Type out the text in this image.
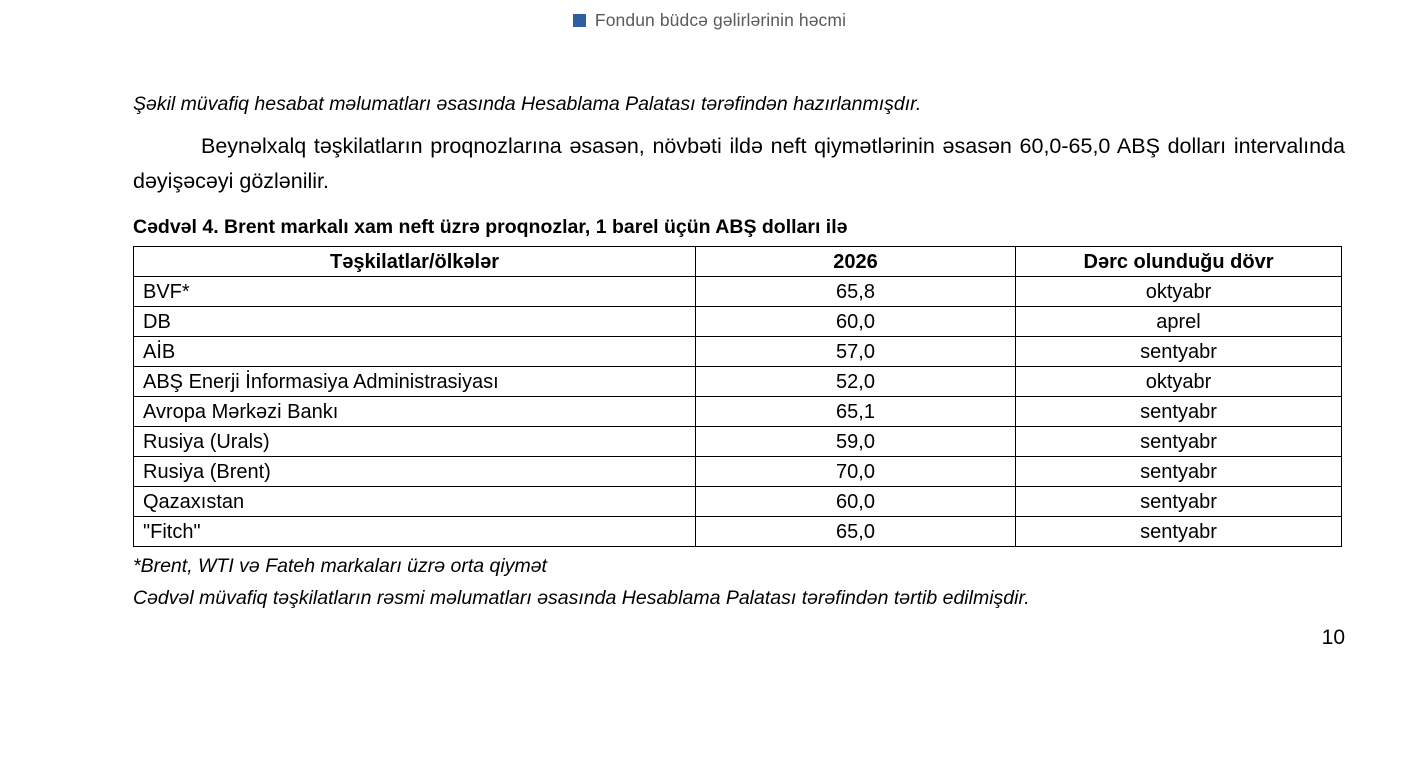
Fondun büdcə gəlirlərinin həcmi

Şəkil müvafiq hesabat məlumatları əsasında Hesablama Palatası tərəfindən hazırlanmışdır.

Beynəlxalq təşkilatların proqnozlarına əsasən, növbəti ildə neft qiymətlərinin əsasən 60,0-65,0 ABŞ dolları intervalında dəyişəcəyi gözlənilir.

Cədvəl 4. Brent markalı xam neft üzrə proqnozlar, 1 barel üçün ABŞ dolları ilə

Təşkilatlar/ölkələr	2026	Dərc olunduğu dövr
BVF*	65,8	oktyabr
DB	60,0	aprel
AİB	57,0	sentyabr
ABŞ Enerji İnformasiya Administrasiyası	52,0	oktyabr
Avropa Mərkəzi Bankı	65,1	sentyabr
Rusiya (Urals)	59,0	sentyabr
Rusiya (Brent)	70,0	sentyabr
Qazaxıstan	60,0	sentyabr
"Fitch"	65,0	sentyabr

*Brent, WTI və Fateh markaları üzrə orta qiymət

Cədvəl müvafiq təşkilatların rəsmi məlumatları əsasında Hesablama Palatası tərəfindən tərtib edilmişdir.

10
